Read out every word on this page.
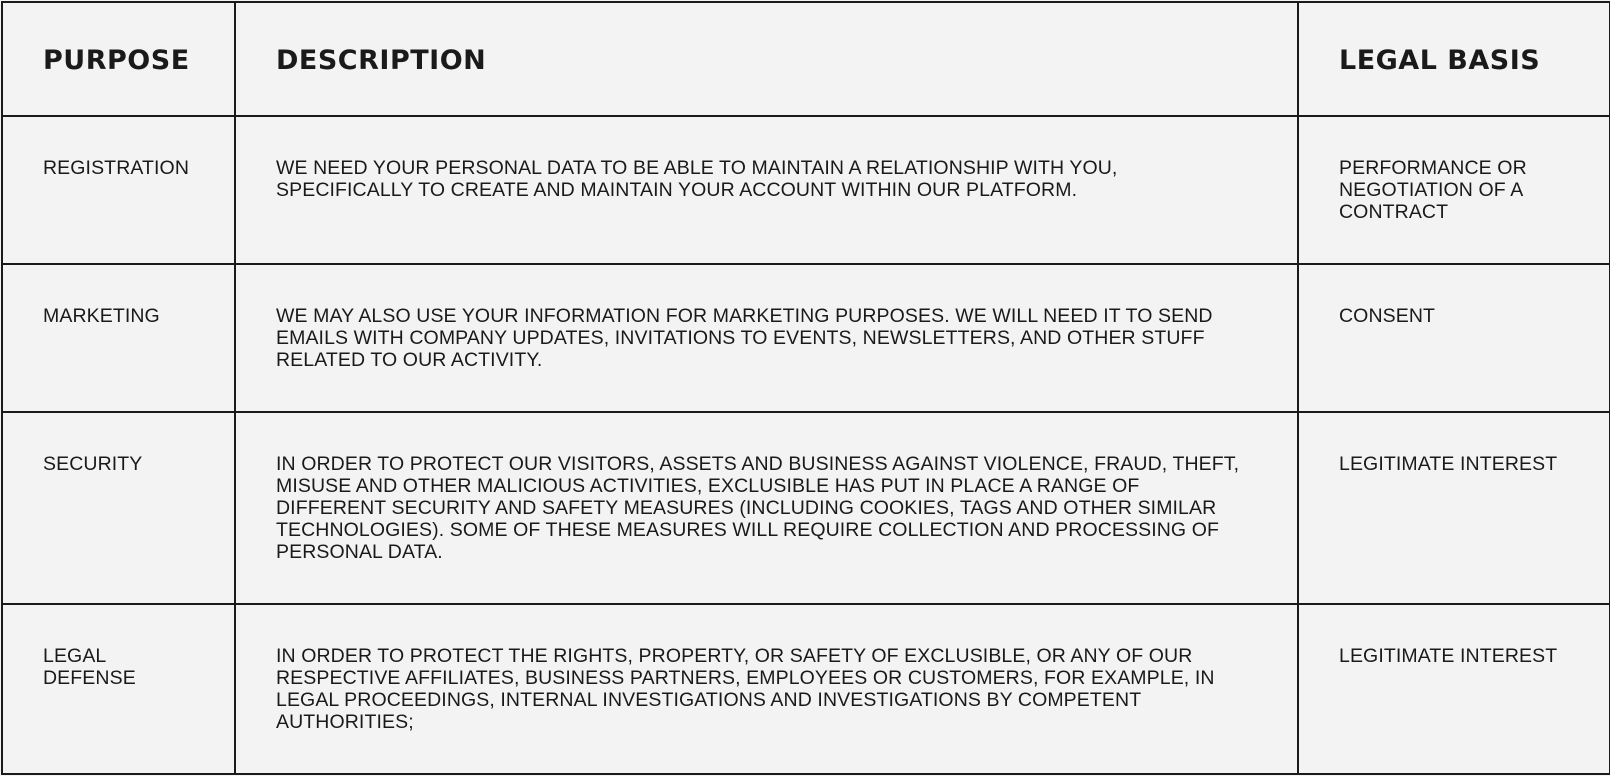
PURPOSE	DESCRIPTION	LEGAL BASIS
REGISTRATION	WE NEED YOUR PERSONAL DATA TO BE ABLE TO MAINTAIN A RELATIONSHIP WITH YOU, SPECIFICALLY TO CREATE AND MAINTAIN YOUR ACCOUNT WITHIN OUR PLATFORM.	PERFORMANCE OR NEGOTIATION OF A CONTRACT
MARKETING	WE MAY ALSO USE YOUR INFORMATION FOR MARKETING PURPOSES. WE WILL NEED IT TO SEND EMAILS WITH COMPANY UPDATES, INVITATIONS TO EVENTS, NEWSLETTERS, AND OTHER STUFF RELATED TO OUR ACTIVITY.	CONSENT
SECURITY	IN ORDER TO PROTECT OUR VISITORS, ASSETS AND BUSINESS AGAINST VIOLENCE, FRAUD, THEFT, MISUSE AND OTHER MALICIOUS ACTIVITIES, EXCLUSIBLE HAS PUT IN PLACE A RANGE OF DIFFERENT SECURITY AND SAFETY MEASURES (INCLUDING COOKIES, TAGS AND OTHER SIMILAR TECHNOLOGIES). SOME OF THESE MEASURES WILL REQUIRE COLLECTION AND PROCESSING OF PERSONAL DATA.	LEGITIMATE INTEREST
LEGAL DEFENSE	IN ORDER TO PROTECT THE RIGHTS, PROPERTY, OR SAFETY OF EXCLUSIBLE, OR ANY OF OUR RESPECTIVE AFFILIATES, BUSINESS PARTNERS, EMPLOYEES OR CUSTOMERS, FOR EXAMPLE, IN LEGAL PROCEEDINGS, INTERNAL INVESTIGATIONS AND INVESTIGATIONS BY COMPETENT AUTHORITIES;	LEGITIMATE INTEREST
